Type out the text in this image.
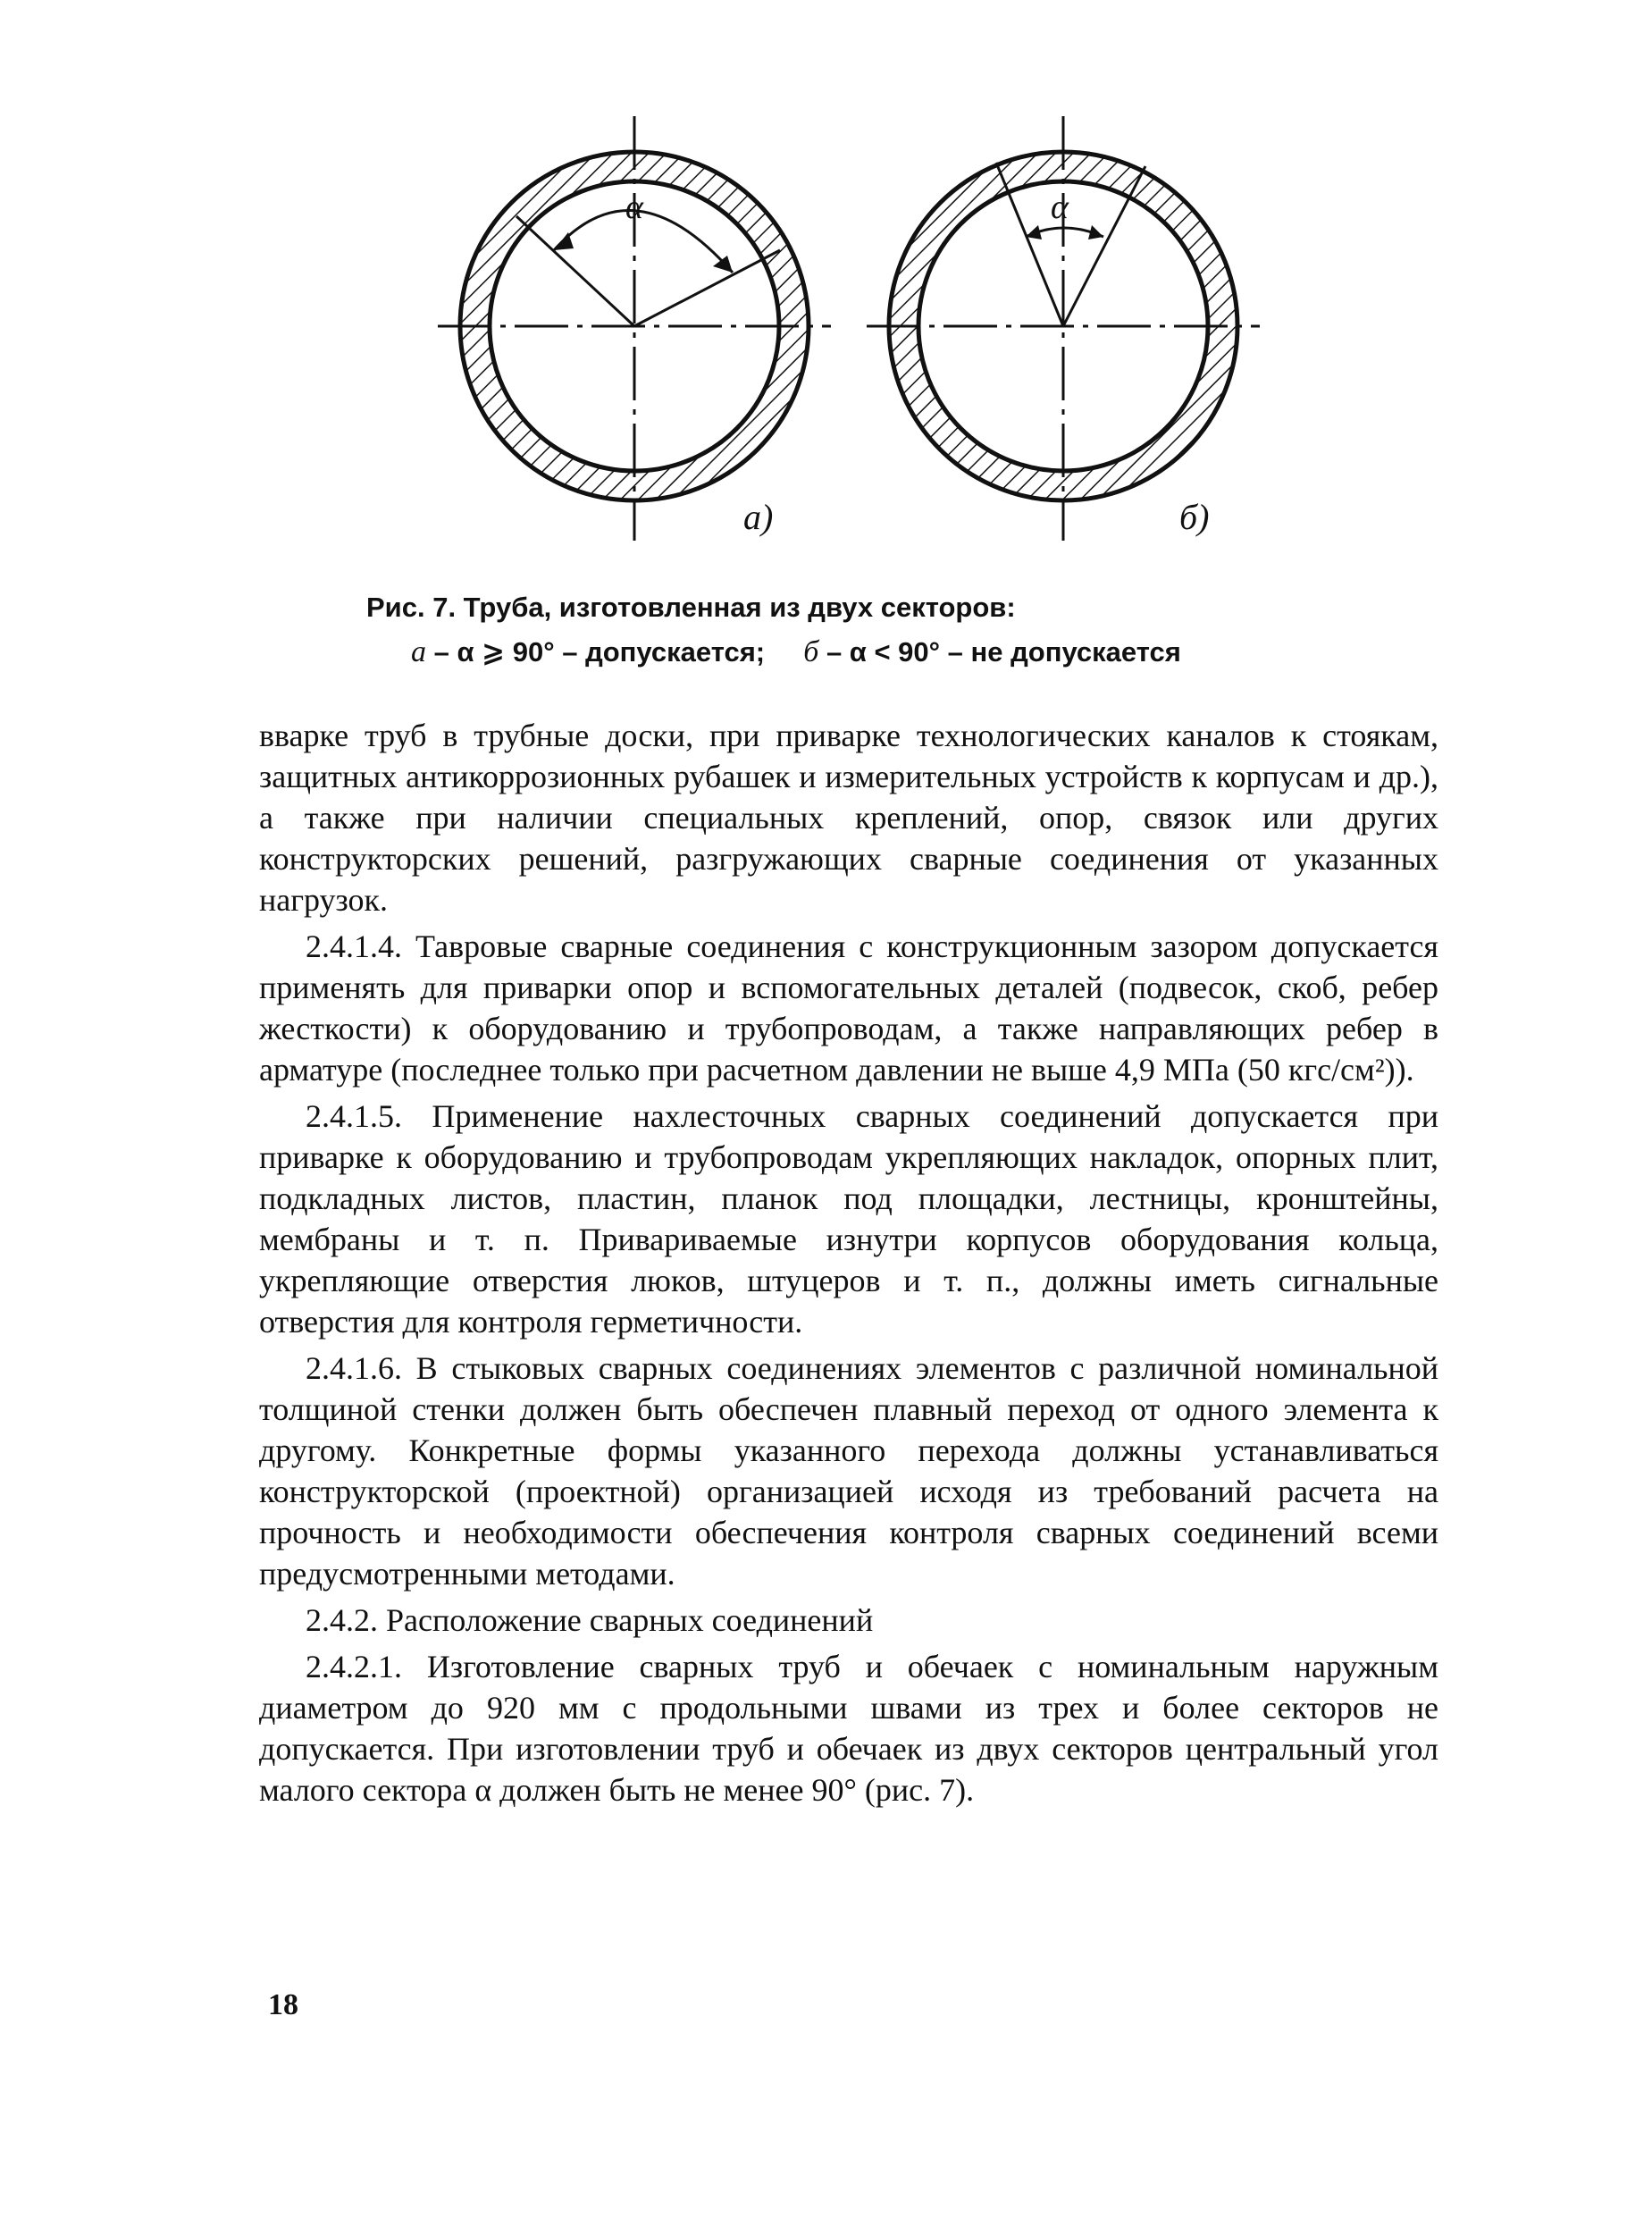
α	α
а)	б)
Рис. 7. Труба, изготовленная из двух секторов:
а – α ⩾ 90° – допускается; б – α < 90° – не допускается

вварке труб в трубные доски, при приварке технологических каналов к стоякам, защитных антикоррозионных рубашек и измерительных устройств к корпусам и др.), а также при наличии специальных креплений, опор, связок или других конструкторских решений, разгружающих сварные соединения от указанных нагрузок.

2.4.1.4. Тавровые сварные соединения с конструкционным зазором допускается применять для приварки опор и вспомогательных деталей (подвесок, скоб, ребер жесткости) к оборудованию и трубопроводам, а также направляющих ребер в арматуре (последнее только при расчетном давлении не выше 4,9 МПа (50 кгс/см²)).

2.4.1.5. Применение нахлесточных сварных соединений допускается при приварке к оборудованию и трубопроводам укрепляющих накладок, опорных плит, подкладных листов, пластин, планок под площадки, лестницы, кронштейны, мембраны и т. п. Привариваемые изнутри корпусов оборудования кольца, укрепляющие отверстия люков, штуцеров и т. п., должны иметь сигнальные отверстия для контроля герметичности.

2.4.1.6. В стыковых сварных соединениях элементов с различной номинальной толщиной стенки должен быть обеспечен плавный переход от одного элемента к другому. Конкретные формы указанного перехода должны устанавливаться конструкторской (проектной) организацией исходя из требований расчета на прочность и необходимости обеспечения контроля сварных соединений всеми предусмотренными методами.

2.4.2. Расположение сварных соединений

2.4.2.1. Изготовление сварных труб и обечаек с номинальным наружным диаметром до 920 мм с продольными швами из трех и более секторов не допускается. При изготовлении труб и обечаек из двух секторов центральный угол малого сектора α должен быть не менее 90° (рис. 7).

18
